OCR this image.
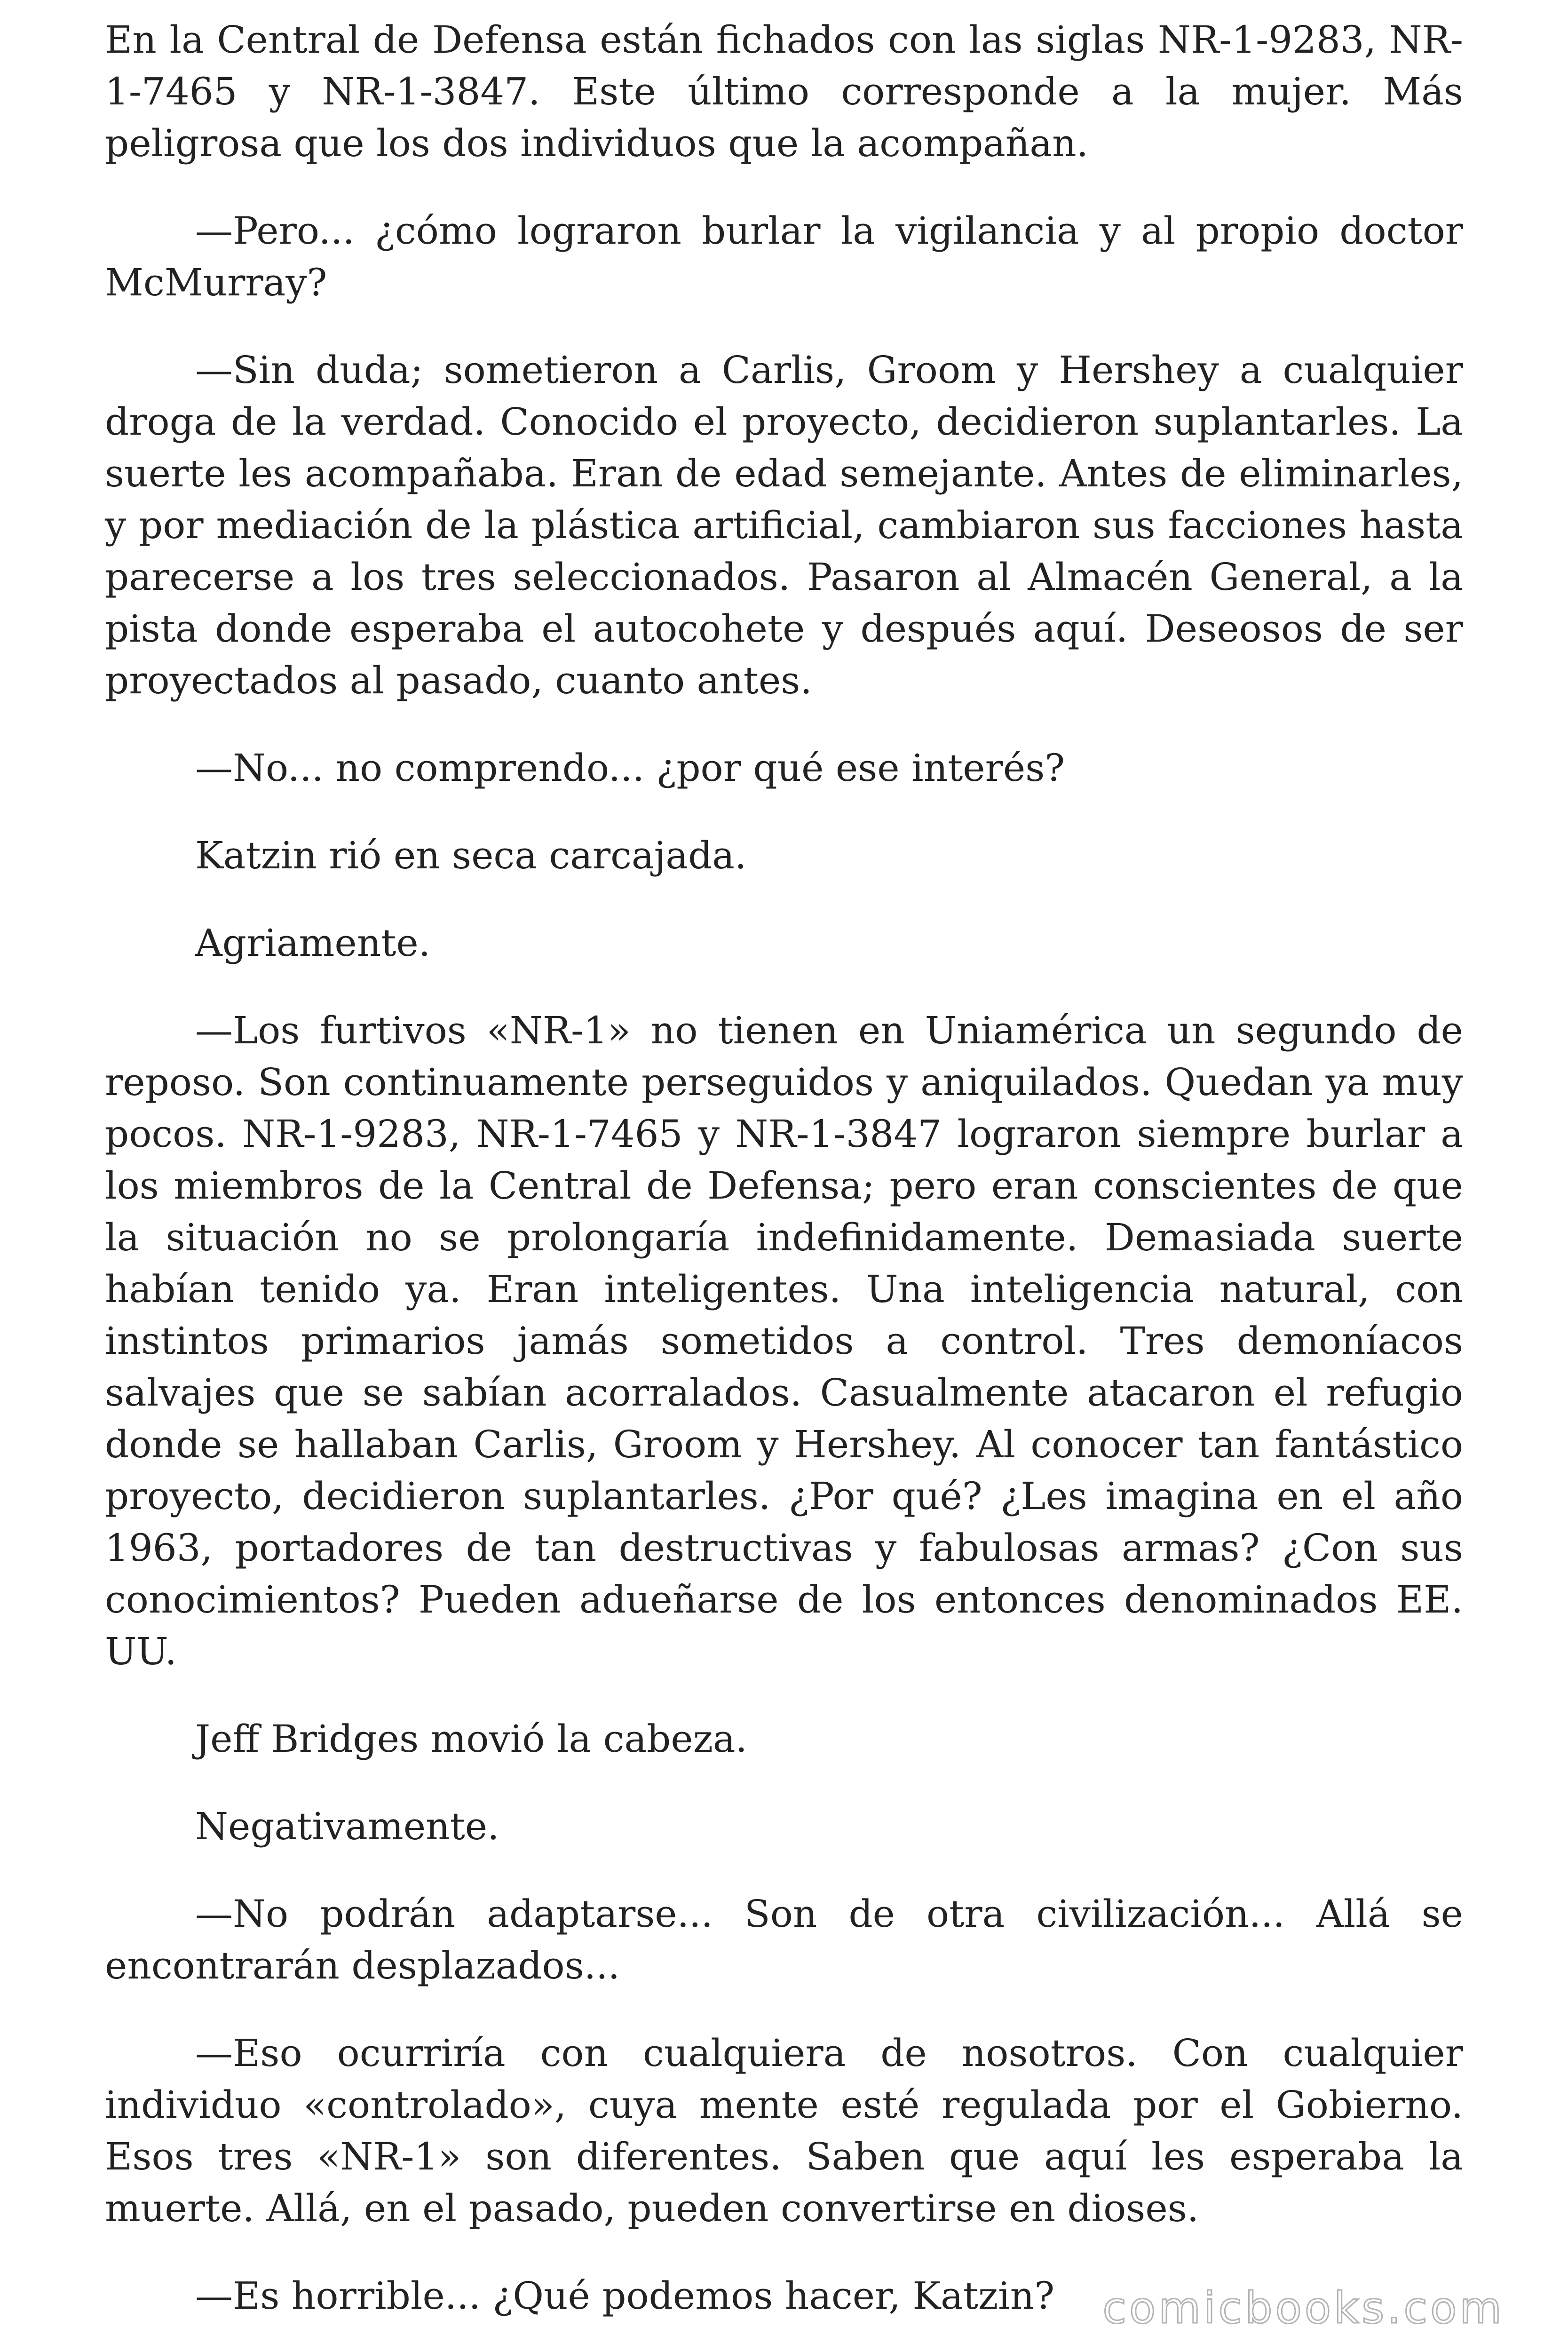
En la Central de Defensa están fichados con las siglas NR-1-9283, NR-1-7465 y NR-1-3847. Este último corresponde a la mujer. Más peligrosa que los dos individuos que la acompañan.

—Pero... ¿cómo lograron burlar la vigilancia y al propio doctor McMurray?

—Sin duda; sometieron a Carlis, Groom y Hershey a cualquier droga de la verdad. Conocido el proyecto, decidieron suplantarles. La suerte les acompañaba. Eran de edad semejante. Antes de eliminarles, y por mediación de la plástica artificial, cambiaron sus facciones hasta parecerse a los tres seleccionados. Pasaron al Almacén General, a la pista donde esperaba el autocohete y después aquí. Deseosos de ser proyectados al pasado, cuanto antes.

—No... no comprendo... ¿por qué ese interés?

Katzin rió en seca carcajada.

Agriamente.

—Los furtivos «NR-1» no tienen en Uniamérica un segundo de reposo. Son continuamente perseguidos y aniquilados. Quedan ya muy pocos. NR-1-9283, NR-1-7465 y NR-1-3847 lograron siempre burlar a los miembros de la Central de Defensa; pero eran conscientes de que la situación no se prolongaría indefinidamente. Demasiada suerte habían tenido ya. Eran inteligentes. Una inteligencia natural, con instintos primarios jamás sometidos a control. Tres demoníacos salvajes que se sabían acorralados. Casualmente atacaron el refugio donde se hallaban Carlis, Groom y Hershey. Al conocer tan fantástico proyecto, decidieron suplantarles. ¿Por qué? ¿Les imagina en el año 1963, portadores de tan destructivas y fabulosas armas? ¿Con sus conocimientos? Pueden adueñarse de los entonces denominados EE. UU.

Jeff Bridges movió la cabeza.

Negativamente.

—No podrán adaptarse... Son de otra civilización... Allá se encontrarán desplazados...

—Eso ocurriría con cualquiera de nosotros. Con cualquier individuo «controlado», cuya mente esté regulada por el Gobierno. Esos tres «NR-1» son diferentes. Saben que aquí les esperaba la muerte. Allá, en el pasado, pueden convertirse en dioses.

—Es horrible... ¿Qué podemos hacer, Katzin?	comicbooks.com
